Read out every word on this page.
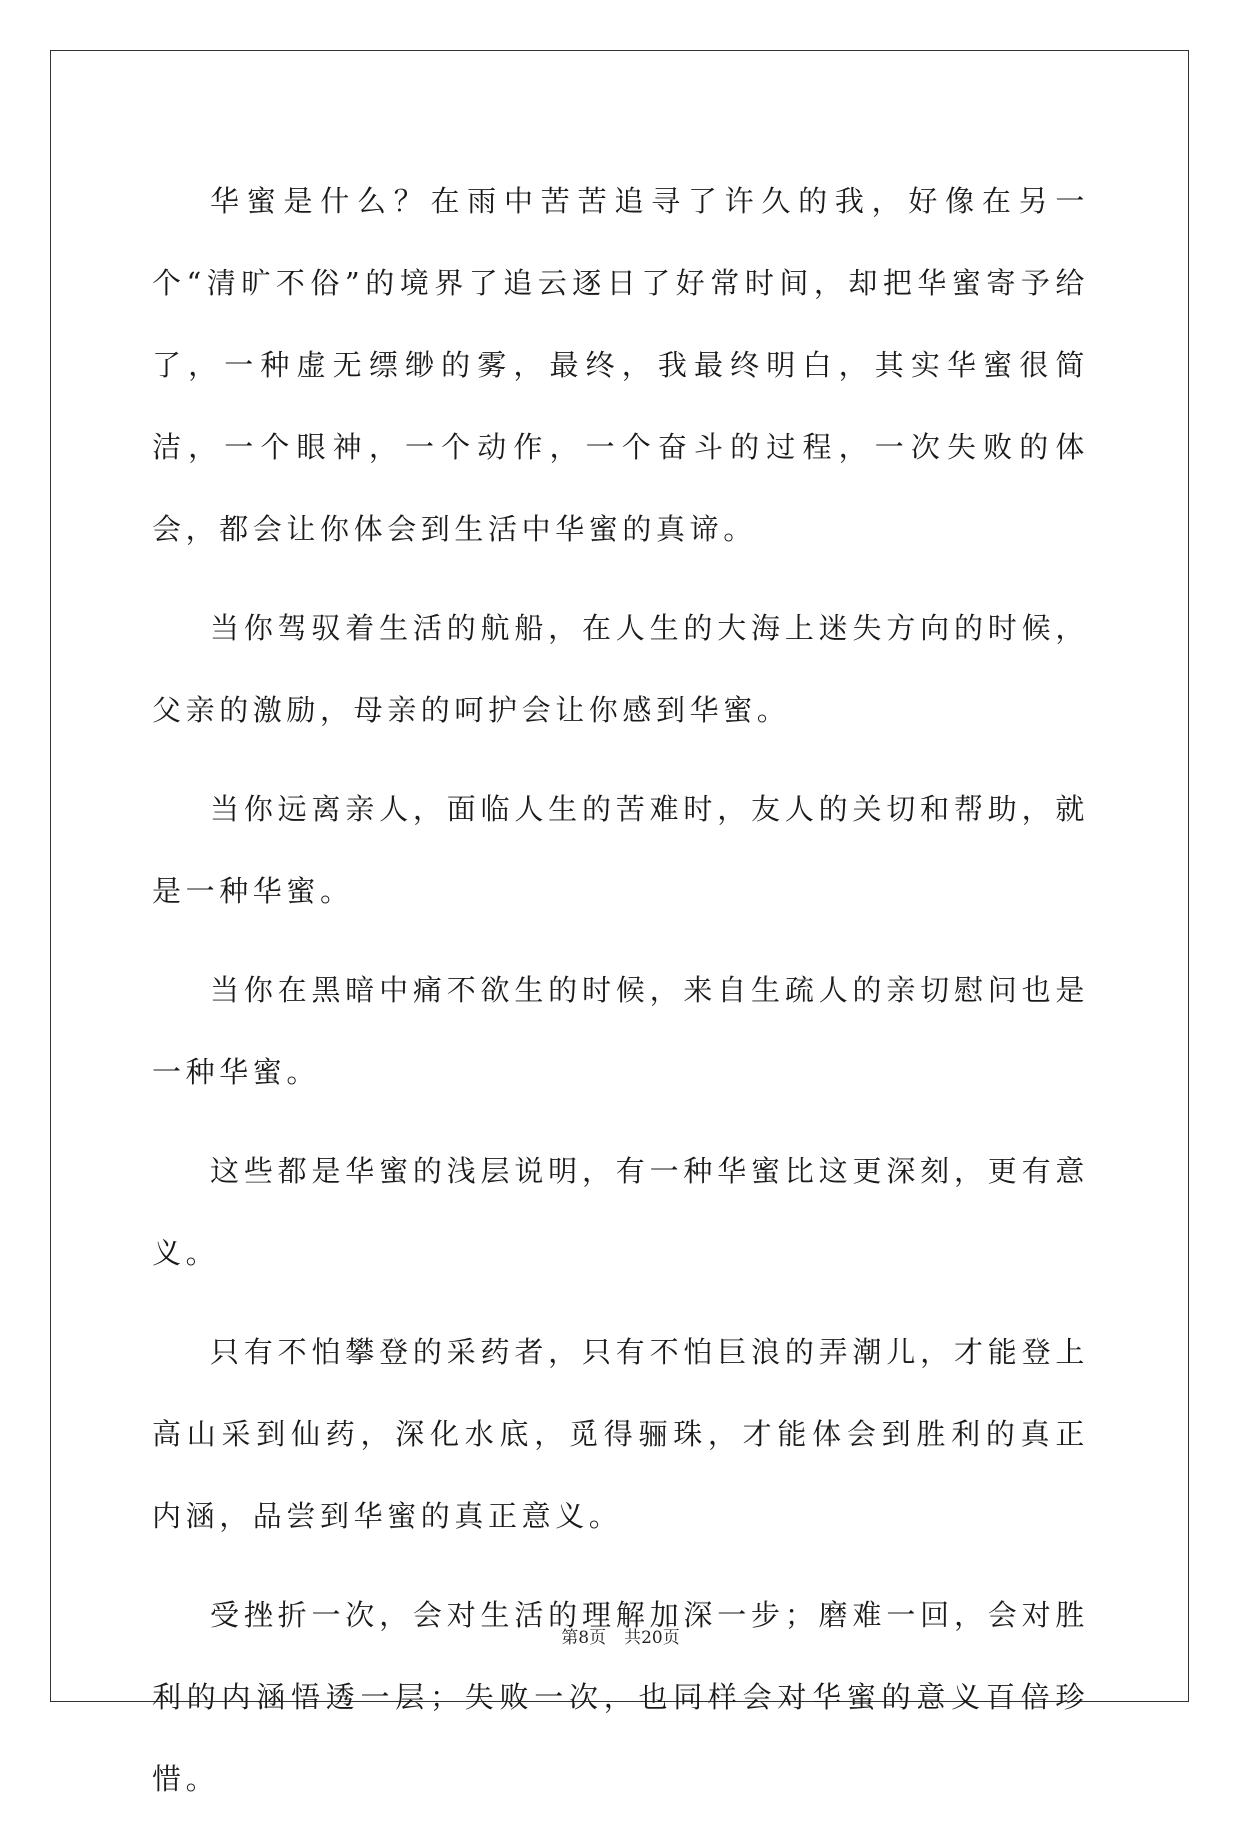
华蜜是什么？在雨中苦苦追寻了许久的我，好像在另一个“清旷不俗”的境界了追云逐日了好常时间，却把华蜜寄予给了，一种虚无缥缈的雾，最终，我最终明白，其实华蜜很简洁，一个眼神，一个动作，一个奋斗的过程，一次失败的体会，都会让你体会到生活中华蜜的真谛。

当你驾驭着生活的航船，在人生的大海上迷失方向的时候，父亲的激励，母亲的呵护会让你感到华蜜。

当你远离亲人，面临人生的苦难时，友人的关切和帮助，就是一种华蜜。

当你在黑暗中痛不欲生的时候，来自生疏人的亲切慰问也是一种华蜜。

这些都是华蜜的浅层说明，有一种华蜜比这更深刻，更有意义。

只有不怕攀登的采药者，只有不怕巨浪的弄潮儿，才能登上高山采到仙药，深化水底，觅得骊珠，才能体会到胜利的真正内涵，品尝到华蜜的真正意义。

受挫折一次，会对生活的理解加深一步；磨难一回，会对胜利的内涵悟透一层；失败一次，也同样会对华蜜的意义百倍珍惜。

第8页 共20页
